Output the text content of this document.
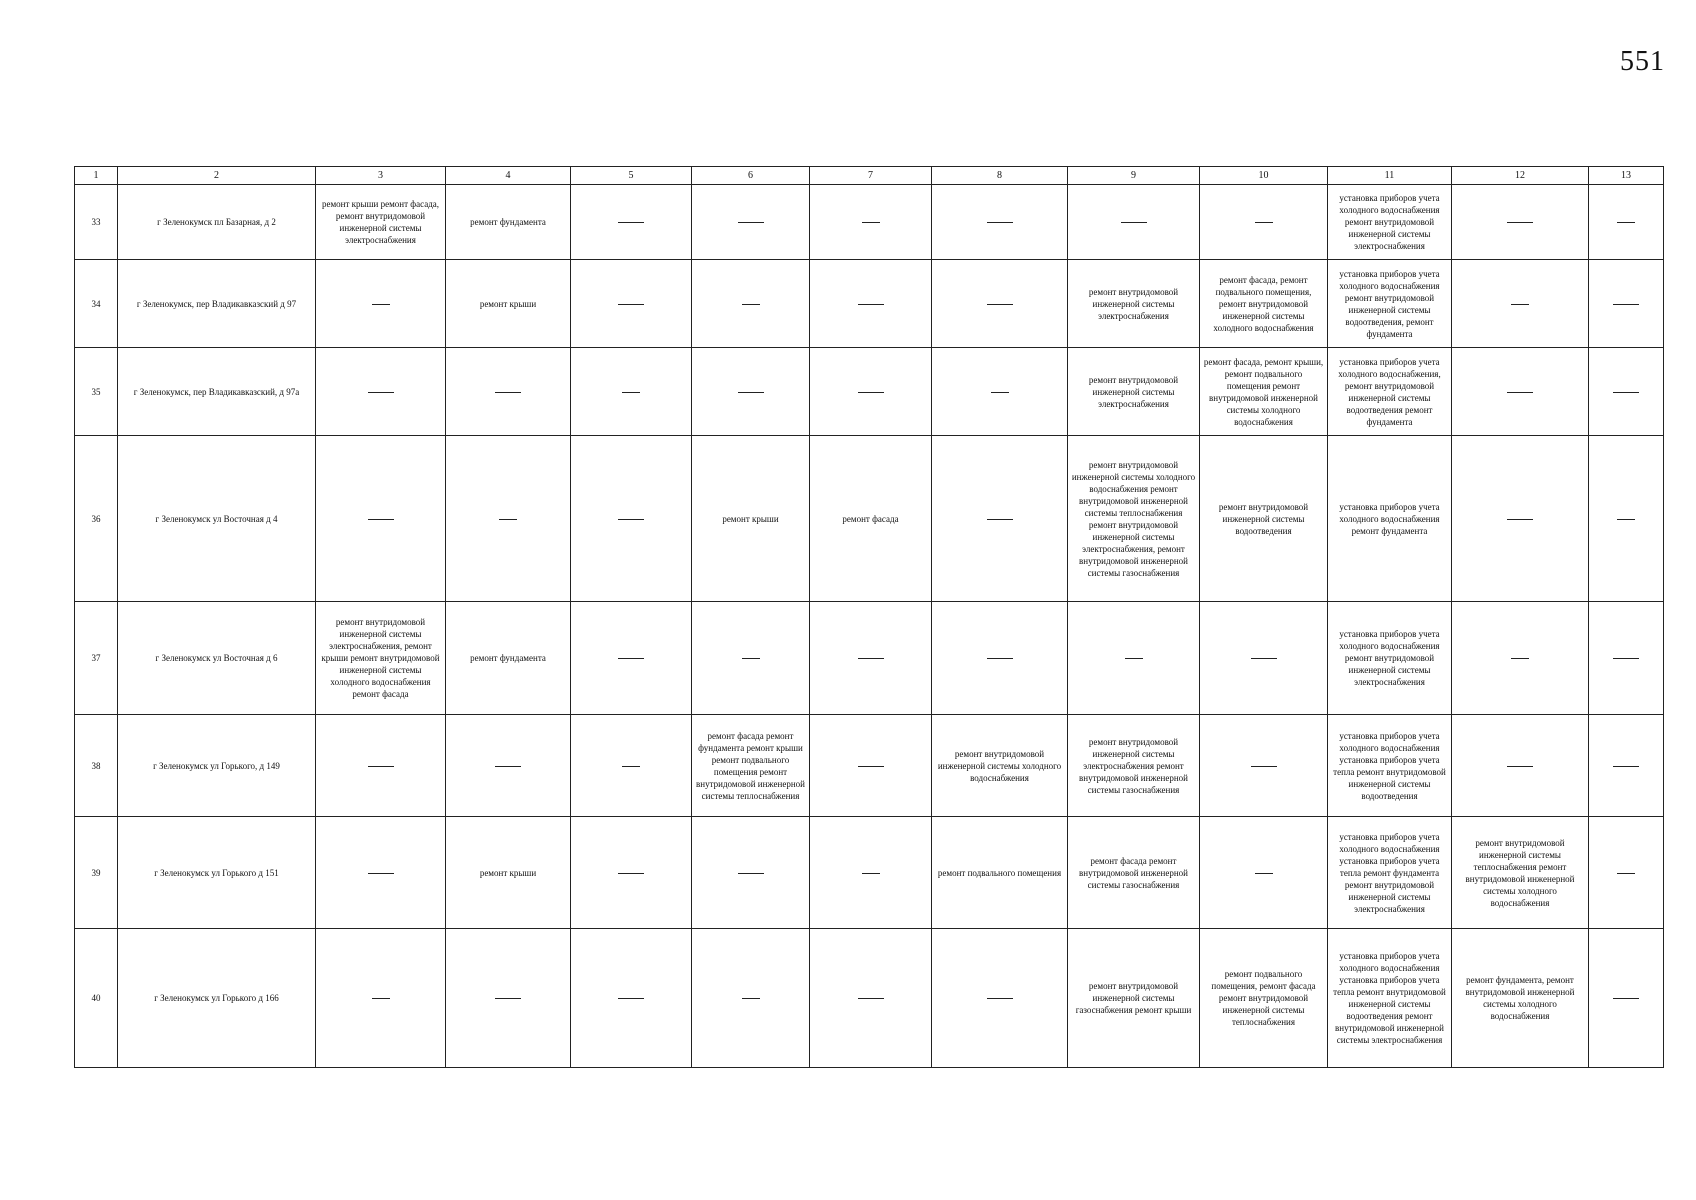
551
1	2	3	4	5	6	7	8	9	10	11	12	13
33	г Зеленокумск пл Базарная, д 2	ремонт крыши ремонт фасада, ремонт внутридомовой инженерной системы электроснабжения	ремонт фундамента							установка приборов учета холодного водоснабжения ремонт внутридомовой инженерной системы электроснабжения		

34	г Зеленокумск, пер Владикавказский д 97		ремонт крыши					ремонт внутридомовой инженерной системы электроснабжения	ремонт фасада, ремонт подвального помещения, ремонт внутридомовой инженерной системы холодного водоснабжения	установка приборов учета холодного водоснабжения ремонт внутридомовой инженерной системы водоотведения, ремонт фундамента		

35	г Зеленокумск, пер Владикавказский, д 97а							ремонт внутридомовой инженерной системы электроснабжения	ремонт фасада, ремонт крыши, ремонт подвального помещения ремонт внутридомовой инженерной системы холодного водоснабжения	установка приборов учета холодного водоснабжения, ремонт внутридомовой инженерной системы водоотведения ремонт фундамента		

36	г Зеленокумск ул Восточная д 4				ремонт крыши	ремонт фасада		ремонт внутридомовой инженерной системы холодного водоснабжения ремонт внутридомовой инженерной системы теплоснабжения ремонт внутридомовой инженерной системы электроснабжения, ремонт внутридомовой инженерной системы газоснабжения	ремонт внутридомовой инженерной системы водоотведения	установка приборов учета холодного водоснабжения ремонт фундамента		

37	г Зеленокумск ул Восточная д 6	ремонт внутридомовой инженерной системы электроснабжения, ремонт крыши ремонт внутридомовой инженерной системы холодного водоснабжения ремонт фасада	ремонт фундамента							установка приборов учета холодного водоснабжения ремонт внутридомовой инженерной системы электроснабжения		

38	г Зеленокумск ул Горького, д 149				ремонт фасада ремонт фундамента ремонт крыши ремонт подвального помещения ремонт внутридомовой инженерной системы теплоснабжения		ремонт внутридомовой инженерной системы холодного водоснабжения	ремонт внутридомовой инженерной системы электроснабжения ремонт внутридомовой инженерной системы газоснабжения		установка приборов учета холодного водоснабжения установка приборов учета тепла ремонт внутридомовой инженерной системы водоотведения		

39	г Зеленокумск ул Горького д 151		ремонт крыши				ремонт подвального помещения	ремонт фасада ремонт внутридомовой инженерной системы газоснабжения		установка приборов учета холодного водоснабжения установка приборов учета тепла ремонт фундамента ремонт внутридомовой инженерной системы электроснабжения	ремонт внутридомовой инженерной системы теплоснабжения ремонт внутридомовой инженерной системы холодного водоснабжения	

40	г Зеленокумск ул Горького д 166							ремонт внутридомовой инженерной системы газоснабжения ремонт крыши	ремонт подвального помещения, ремонт фасада ремонт внутридомовой инженерной системы теплоснабжения	установка приборов учета холодного водоснабжения установка приборов учета тепла ремонт внутридомовой инженерной системы водоотведения ремонт внутридомовой инженерной системы электроснабжения	ремонт фундамента, ремонт внутридомовой инженерной системы холодного водоснабжения	
